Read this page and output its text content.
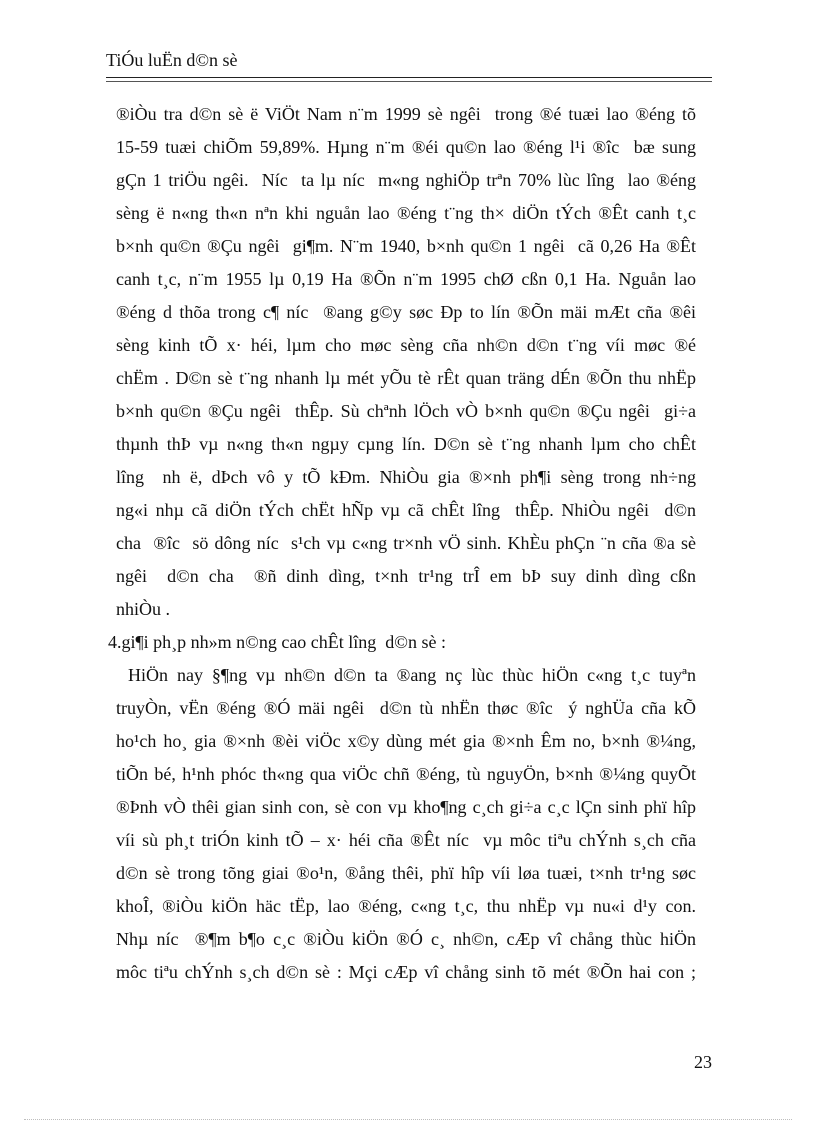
TiÓu luËn d©n sè
®iÒu tra d©n sè ë ViÖt Nam n¨m 1999 sè ngêi  trong ®é tuæi lao ®éng tõ
15-59 tuæi chiÕm 59,89%. Hµng n¨m ®éi qu©n lao ®éng l¹i ®îc  bæ sung
gÇn 1 triÖu ngêi.  Níc  ta lµ níc  m«ng nghiÖp trªn 70% lùc lîng  lao ®éng
sèng ë n«ng th«n nªn khi nguån lao ®éng t¨ng th× diÖn tÝch ®Êt canh t¸c
b×nh qu©n ®Çu ngêi  gi¶m. N¨m 1940, b×nh qu©n 1 ngêi  cã 0,26 Ha ®Êt
canh t¸c, n¨m 1955 lµ 0,19 Ha ®Õn n¨m 1995 chØ cßn 0,1 Ha. Nguån lao
®éng d thõa trong c¶ níc  ®ang g©y søc Ðp to lín ®Õn mäi mÆt cña ®êi
sèng kinh tÕ x· héi, lµm cho møc sèng cña nh©n d©n t¨ng víi møc ®é
chËm . D©n sè t¨ng nhanh lµ mét yÕu tè rÊt quan träng dÉn ®Õn thu nhËp
b×nh qu©n ®Çu ngêi  thÊp. Sù chªnh lÖch vÒ b×nh qu©n ®Çu ngêi  gi÷a
thµnh thÞ vµ n«ng th«n ngµy cµng lín. D©n sè t¨ng nhanh lµm cho chÊt
lîng  nh ë, dÞch vô y tÕ kÐm. NhiÒu gia ®×nh ph¶i sèng trong nh÷ng
ng«i nhµ cã diÖn tÝch chËt hÑp vµ cã chÊt lîng  thÊp. NhiÒu ngêi  d©n
cha  ®îc  sö dông níc  s¹ch vµ c«ng tr×nh vÖ sinh. KhÈu phÇn ¨n cña ®a sè
ngêi  d©n cha  ®ñ dinh dìng, t×nh tr¹ng trÎ em bÞ suy dinh dìng cßn
nhiÒu .
4.gi¶i ph¸p nh»m n©ng cao chÊt lîng  d©n sè :
HiÖn nay §¶ng vµ nh©n d©n ta ®ang nç lùc thùc hiÖn c«ng t¸c tuyªn
truyÒn, vËn ®éng ®Ó mäi ngêi  d©n tù nhËn thøc ®îc  ý nghÜa cña kÕ
ho¹ch ho¸ gia ®×nh ®èi viÖc x©y dùng mét gia ®×nh Êm no, b×nh ®¼ng,
tiÕn bé, h¹nh phóc th«ng qua viÖc chñ ®éng, tù nguyÖn, b×nh ®¼ng quyÕt
®Þnh vÒ thêi gian sinh con, sè con vµ kho¶ng c¸ch gi÷a c¸c lÇn sinh phï hîp
víi sù ph¸t triÓn kinh tÕ – x· héi cña ®Êt níc  vµ môc tiªu chÝnh s¸ch cña
d©n sè trong tõng giai ®o¹n, ®ång thêi, phï hîp víi løa tuæi, t×nh tr¹ng søc
khoÎ, ®iÒu kiÖn häc tËp, lao ®éng, c«ng t¸c, thu nhËp vµ nu«i d¹y con.
Nhµ níc  ®¶m b¶o c¸c ®iÒu kiÖn ®Ó c¸ nh©n, cÆp vî chång thùc hiÖn
môc tiªu chÝnh s¸ch d©n sè : Mçi cÆp vî chång sinh tõ mét ®Õn hai con ;
23
